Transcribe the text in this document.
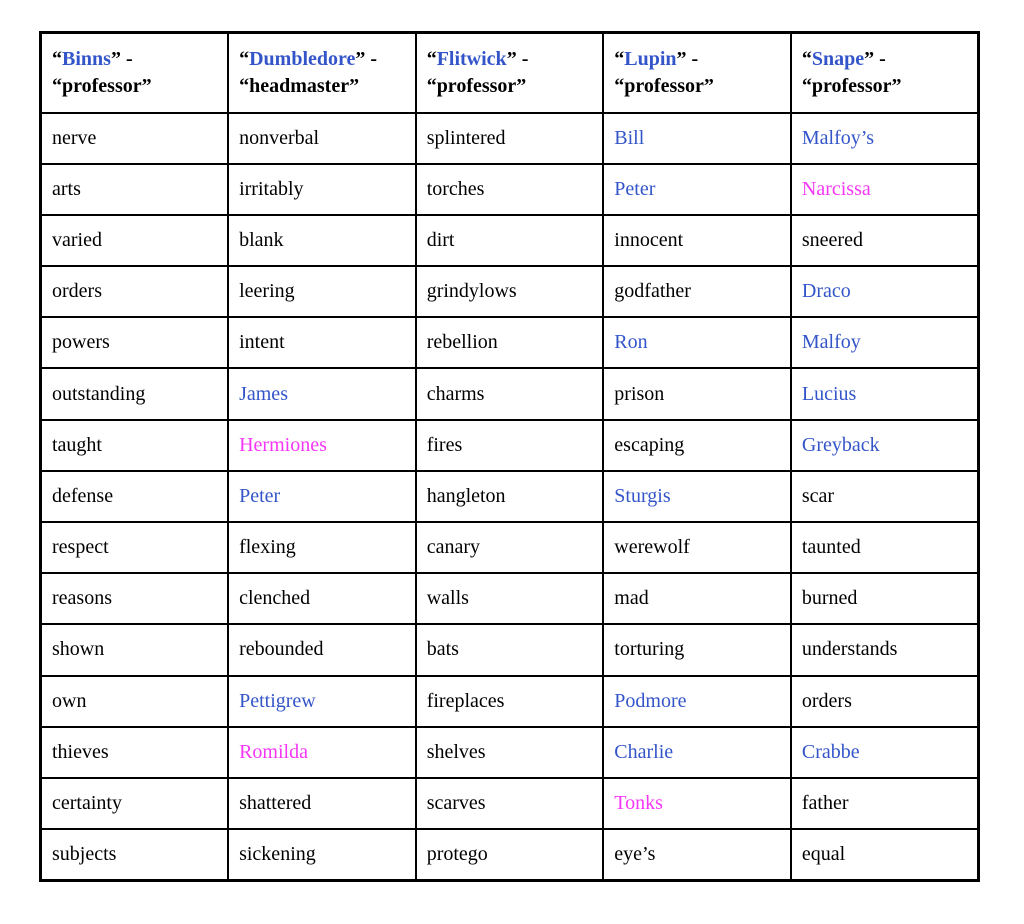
“Binns” - “professor”	“Dumbledore” - “headmaster”	“Flitwick” - “professor”	“Lupin” - “professor”	“Snape” - “professor”
nerve	nonverbal	splintered	Bill	Malfoy’s
arts	irritably	torches	Peter	Narcissa
varied	blank	dirt	innocent	sneered
orders	leering	grindylows	godfather	Draco
powers	intent	rebellion	Ron	Malfoy
outstanding	James	charms	prison	Lucius
taught	Hermiones	fires	escaping	Greyback
defense	Peter	hangleton	Sturgis	scar
respect	flexing	canary	werewolf	taunted
reasons	clenched	walls	mad	burned
shown	rebounded	bats	torturing	understands
own	Pettigrew	fireplaces	Podmore	orders
thieves	Romilda	shelves	Charlie	Crabbe
certainty	shattered	scarves	Tonks	father
subjects	sickening	protego	eye’s	equal
